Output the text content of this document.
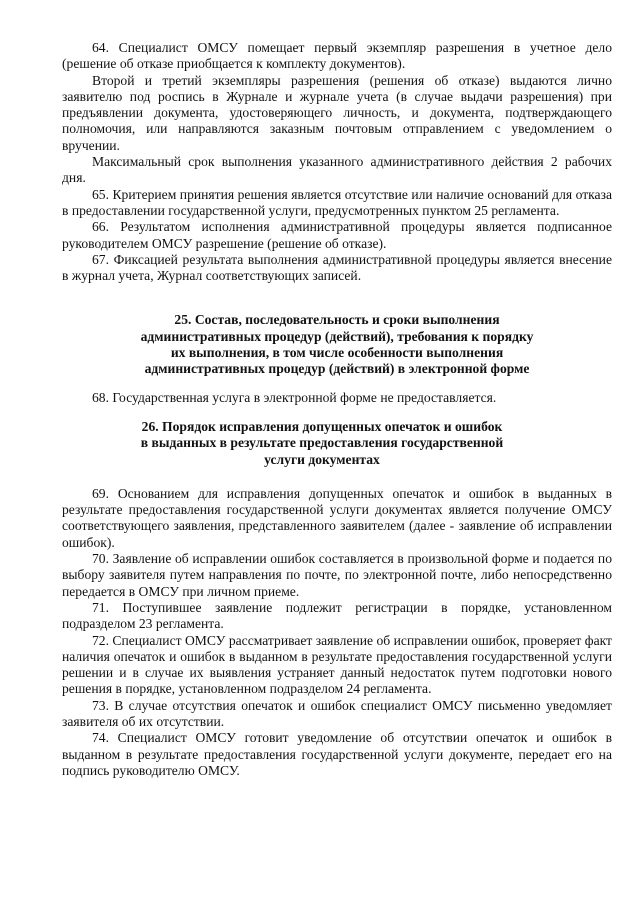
64. Специалист ОМСУ помещает первый экземпляр разрешения в учетное дело (решение об отказе приобщается к комплекту документов).

Второй и третий экземпляры разрешения (решения об отказе) выдаются лично заявителю под роспись в Журнале и журнале учета (в случае выдачи разрешения) при предъявлении документа, удостоверяющего личность, и документа, подтверждающего полномочия, или направляются заказным почтовым отправлением с уведомлением о вручении.

Максимальный срок выполнения указанного административного действия 2 рабочих дня.

65. Критерием принятия решения является отсутствие или наличие оснований для отказа в предоставлении государственной услуги, предусмотренных пунктом 25 регламента.

66. Результатом исполнения административной процедуры является подписанное руководителем ОМСУ разрешение (решение об отказе).

67. Фиксацией результата выполнения административной процедуры является внесение в журнал учета, Журнал соответствующих записей.

25. Состав, последовательность и сроки выполнения
административных процедур (действий), требования к порядку
их выполнения, в том числе особенности выполнения
административных процедур (действий) в электронной форме

68. Государственная услуга в электронной форме не предоставляется.

26. Порядок исправления допущенных опечаток и ошибок
в выданных в результате предоставления государственной
услуги документах

69. Основанием для исправления допущенных опечаток и ошибок в выданных в результате предоставления государственной услуги документах является получение ОМСУ соответствующего заявления, представленного заявителем (далее - заявление об исправлении ошибок).

70. Заявление об исправлении ошибок составляется в произвольной форме и подается по выбору заявителя путем направления по почте, по электронной почте, либо непосредственно передается в ОМСУ при личном приеме.

71. Поступившее заявление подлежит регистрации в порядке, установленном подразделом 23 регламента.

72. Специалист ОМСУ рассматривает заявление об исправлении ошибок, проверяет факт наличия опечаток и ошибок в выданном в результате предоставления государственной услуги решении и в случае их выявления устраняет данный недостаток путем подготовки нового решения в порядке, установленном подразделом 24 регламента.

73. В случае отсутствия опечаток и ошибок специалист ОМСУ письменно уведомляет заявителя об их отсутствии.

74. Специалист ОМСУ готовит уведомление об отсутствии опечаток и ошибок в выданном в результате предоставления государственной услуги документе, передает его на подпись руководителю ОМСУ.
